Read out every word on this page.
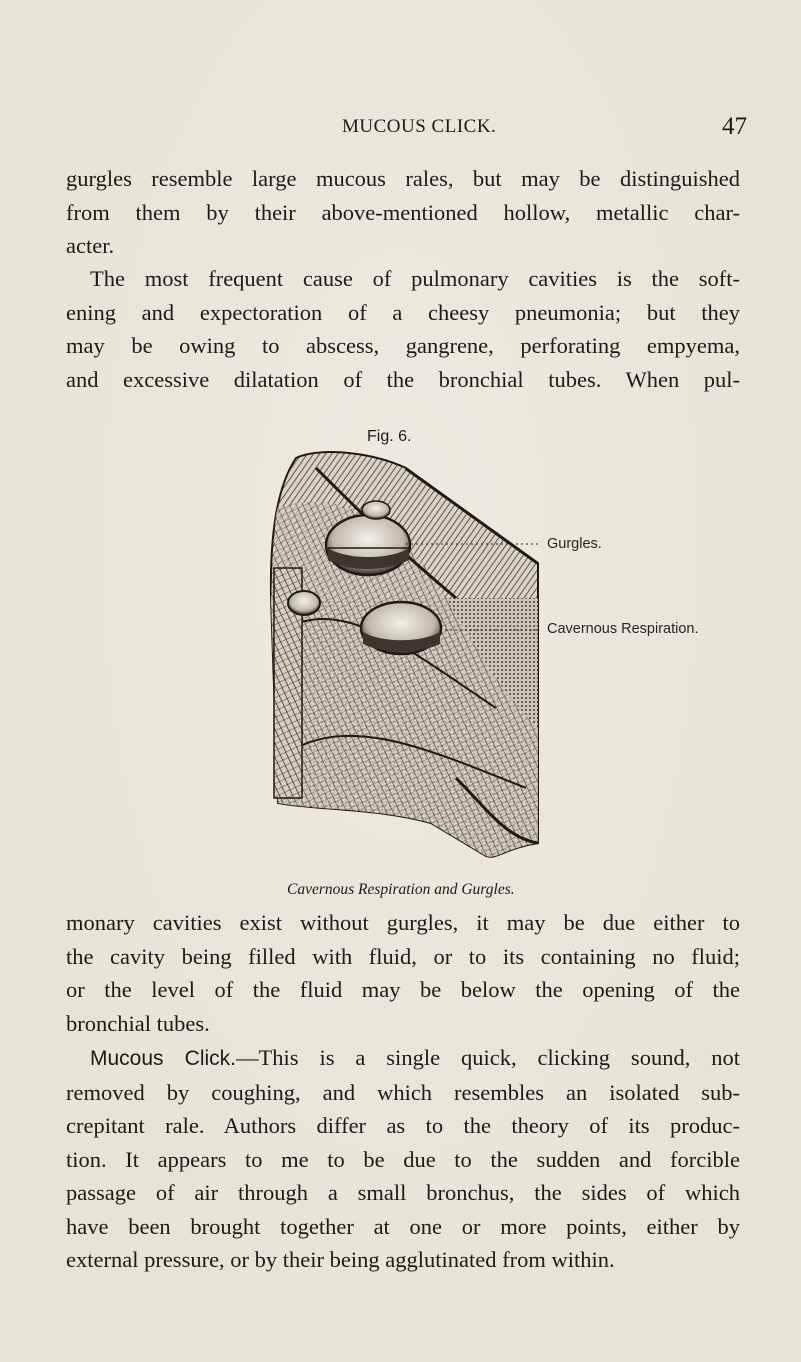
MUCOUS CLICK.	47
gurgles resemble large mucous rales, but may be distinguished
from them by their above-mentioned hollow, metallic char-
acter.
The most frequent cause of pulmonary cavities is the soft-
ening and expectoration of a cheesy pneumonia; but they
may be owing to abscess, gangrene, perforating empyema,
and excessive dilatation of the bronchial tubes. When pul-
Fig. 6.
Gurgles.
Cavernous Respiration.
Cavernous Respiration and Gurgles.
monary cavities exist without gurgles, it may be due either to
the cavity being filled with fluid, or to its containing no fluid;
or the level of the fluid may be below the opening of the
bronchial tubes.
Mucous Click.—This is a single quick, clicking sound, not
removed by coughing, and which resembles an isolated sub-
crepitant rale. Authors differ as to the theory of its produc-
tion. It appears to me to be due to the sudden and forcible
passage of air through a small bronchus, the sides of which
have been brought together at one or more points, either by
external pressure, or by their being agglutinated from within.
